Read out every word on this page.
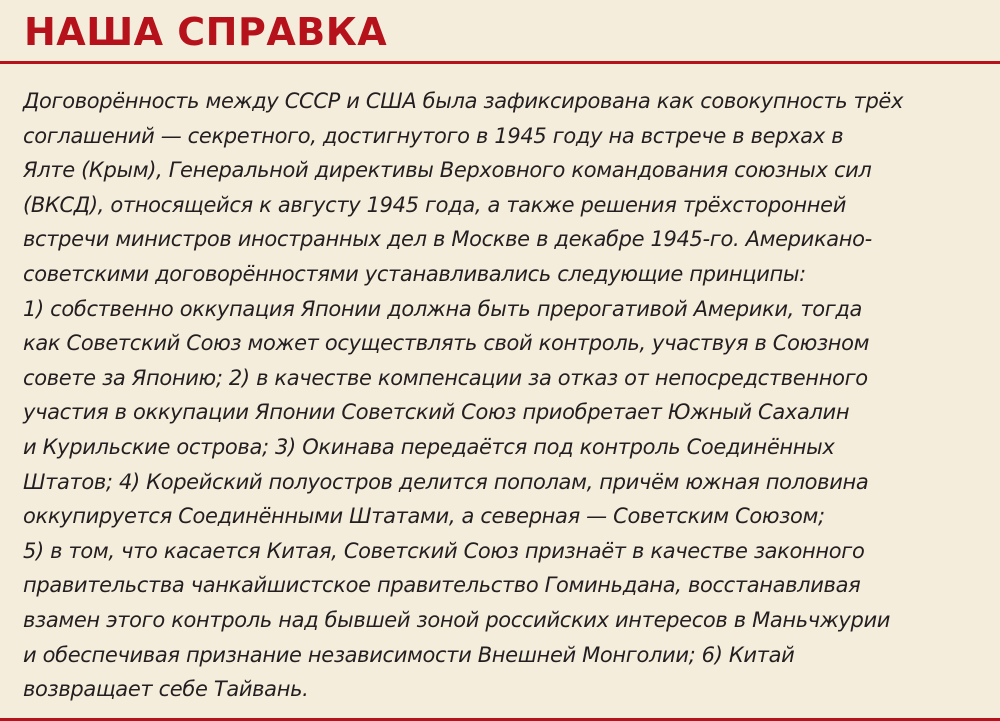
НАША СПРАВКА
Договорённость между СССР и США была зафиксирована как совокупность трёх
соглашений — секретного, достигнутого в 1945 году на встрече в верхах в
Ялте (Крым), Генеральной директивы Верховного командования союзных сил
(ВКСД), относящейся к августу 1945 года, а также решения трёхсторонней
встречи министров иностранных дел в Москве в декабре 1945-го. Американо-
советскими договорённостями устанавливались следующие принципы:
1) собственно оккупация Японии должна быть прерогативой Америки, тогда
как Советский Союз может осуществлять свой контроль, участвуя в Союзном
совете за Японию; 2) в качестве компенсации за отказ от непосредственного
участия в оккупации Японии Советский Союз приобретает Южный Сахалин
и Курильские острова; 3) Окинава передаётся под контроль Соединённых
Штатов; 4) Корейский полуостров делится пополам, причём южная половина
оккупируется Соединёнными Штатами, а северная — Советским Союзом;
5) в том, что касается Китая, Советский Союз признаёт в качестве законного
правительства чанкайшистское правительство Гоминьдана, восстанавливая
взамен этого контроль над бывшей зоной российских интересов в Маньчжурии
и обеспечивая признание независимости Внешней Монголии; 6) Китай
возвращает себе Тайвань.
